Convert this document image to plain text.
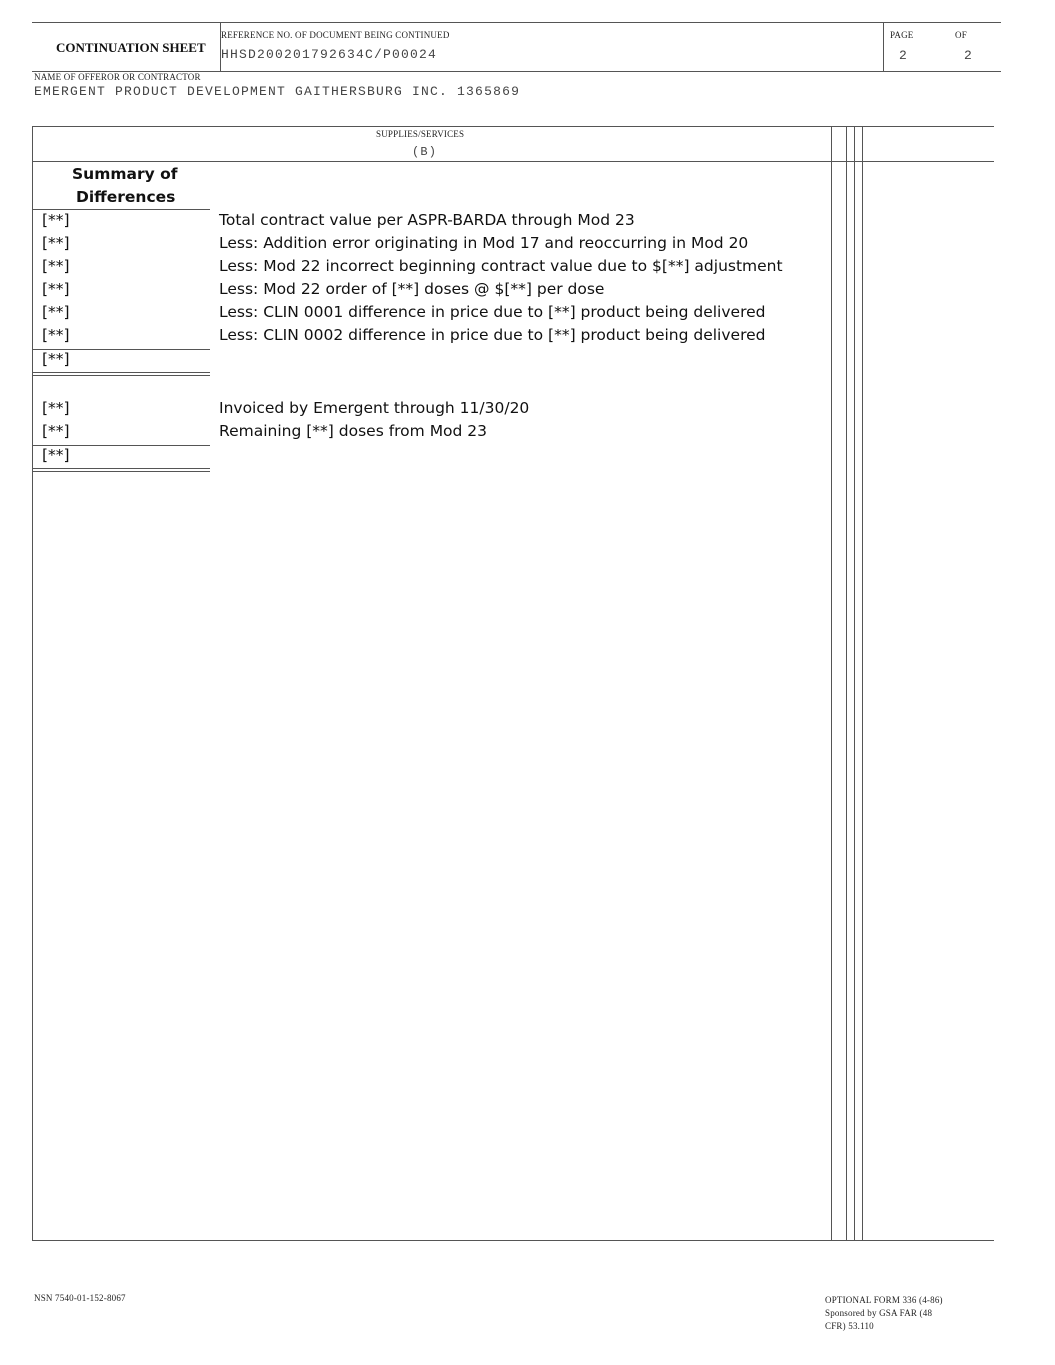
CONTINUATION SHEET
REFERENCE NO. OF DOCUMENT BEING CONTINUED
HHSD200201792634C/P00024
PAGE	OF
2	2
NAME OF OFFEROR OR CONTRACTOR
EMERGENT PRODUCT DEVELOPMENT GAITHERSBURG INC. 1365869
SUPPLIES/SERVICES
(B)
Summary of
Differences
[**]	Total contract value per ASPR-BARDA through Mod 23
[**]	Less: Addition error originating in Mod 17 and reoccurring in Mod 20
[**]	Less: Mod 22 incorrect beginning contract value due to $[**] adjustment
[**]	Less: Mod 22 order of [**] doses @ $[**] per dose
[**]	Less: CLIN 0001 difference in price due to [**] product being delivered
[**]	Less: CLIN 0002 difference in price due to [**] product being delivered
[**]
[**]	Invoiced by Emergent through 11/30/20
[**]	Remaining [**] doses from Mod 23
[**]
NSN 7540-01-152-8067	OPTIONAL FORM 336 (4-86)
Sponsored by GSA FAR (48
CFR) 53.110
